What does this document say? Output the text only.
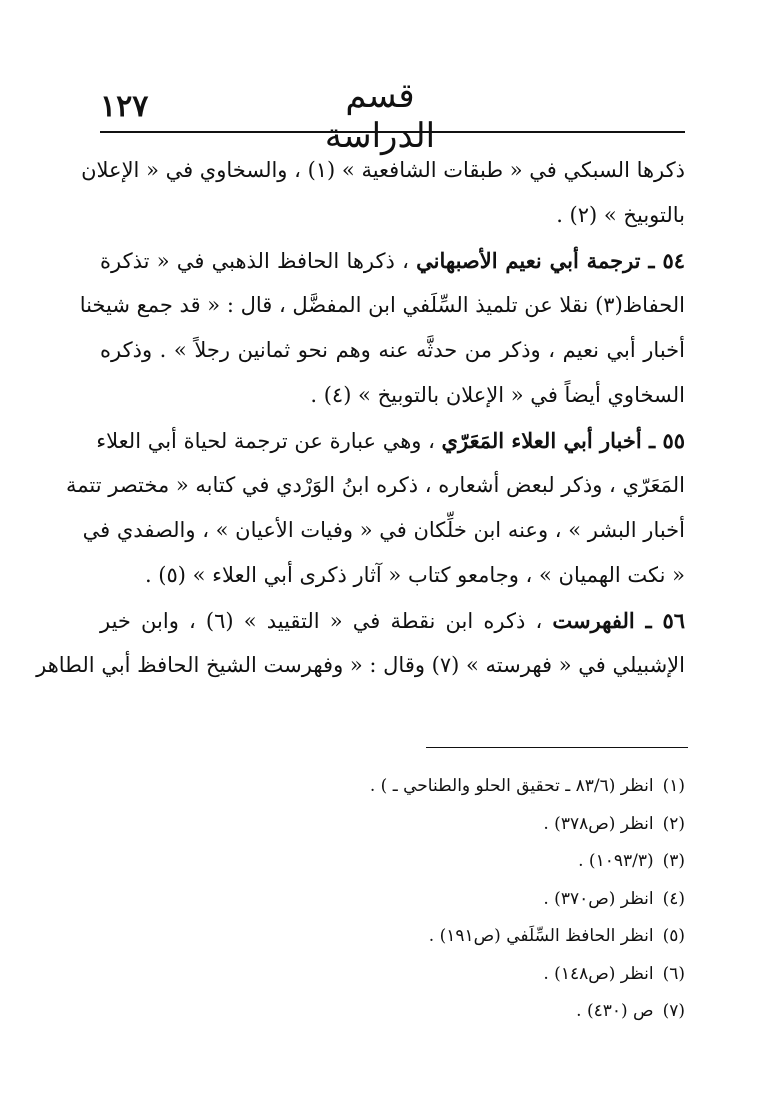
قسم الدراسة
١٢٧
ذكرها السبكي في « طبقات الشافعية » (١) ، والسخاوي في « الإعلان
بالتوبيخ » (٢) .
٥٤ ـ ترجمة أبي نعيم الأصبهاني ، ذكرها الحافظ الذهبي في « تذكرة
الحفاظ(٣) نقلا عن تلميذ السِّلَفي ابن المفضَّل ، قال : « قد جمع شيخنا
أخبار أبي نعيم ، وذكر من حدثَّه عنه وهم نحو ثمانين رجلاً » . وذكره
السخاوي أيضاً في « الإعلان بالتوبيخ » (٤) .
٥٥ ـ أخبار أبي العلاء المَعَرّي ، وهي عبارة عن ترجمة لحياة أبي العلاء
المَعَرّي ، وذكر لبعض أشعاره ، ذكره ابنُ الوَرْدي في كتابه « مختصر تتمة
أخبار البشر » ، وعنه ابن خلِّكان في « وفيات الأعيان » ، والصفدي في
« نكت الهميان » ، وجامعو كتاب « آثار ذكرى أبي العلاء » (٥) .
٥٦ ـ الفهرست ، ذكره ابن نقطة في « التقييد » (٦) ، وابن خير
الإشبيلي في « فهرسته » (٧) وقال : « وفهرست الشيخ الحافظ أبي الطاهر
(١) انظر (٨٣/٦ ـ تحقيق الحلو والطناحي ـ ) .
(٢) انظر (ص٣٧٨) .
(٣) (١٠٩٣/٣) .
(٤) انظر (ص٣٧٠) .
(٥) انظر الحافظ السِّلَفي (ص١٩١) .
(٦) انظر (ص١٤٨) .
(٧) ص (٤٣٠) .
